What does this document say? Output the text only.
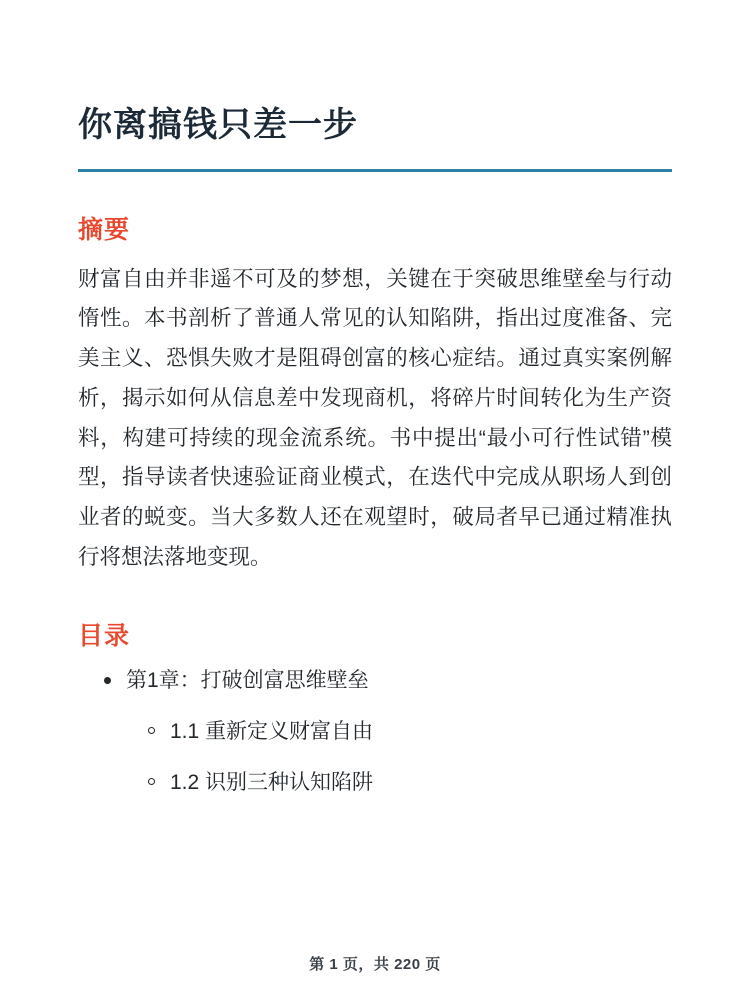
你离搞钱只差一步
摘要

财富自由并非遥不可及的梦想，关键在于突破思维壁垒与行动惰性。本书剖析了普通人常见的认知陷阱，指出过度准备、完美主义、恐惧失败才是阻碍创富的核心症结。通过真实案例解析，揭示如何从信息差中发现商机，将碎片时间转化为生产资料，构建可持续的现金流系统。书中提出“最小可行性试错”模型，指导读者快速验证商业模式，在迭代中完成从职场人到创业者的蜕变。当大多数人还在观望时，破局者早已通过精准执行将想法落地变现。

目录
第1章：打破创富思维壁垒
1.1 重新定义财富自由
1.2 识别三种认知陷阱
第 1 页，共 220 页
